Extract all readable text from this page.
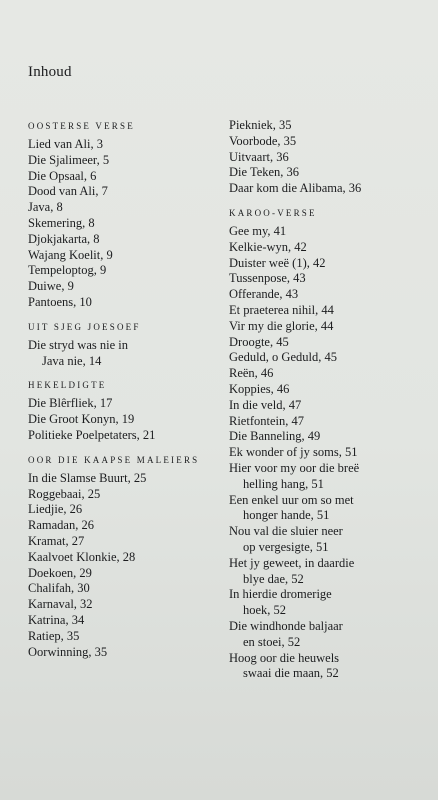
Inhoud
OOSTERSE VERSE
Lied van Ali, 3
Die Sjalimeer, 5
Die Opsaal, 6
Dood van Ali, 7
Java, 8
Skemering, 8
Djokjakarta, 8
Wajang Koelit, 9
Tempeloptog, 9
Duiwe, 9
Pantoens, 10
UIT SJEG JOESOEF
Die stryd was nie in
Java nie, 14
HEKELDIGTE
Die Blêrfliek, 17
Die Groot Konyn, 19
Politieke Poelpetaters, 21
OOR DIE KAAPSE MALEIERS
In die Slamse Buurt, 25
Roggebaai, 25
Liedjie, 26
Ramadan, 26
Kramat, 27
Kaalvoet Klonkie, 28
Doekoen, 29
Chalifah, 30
Karnaval, 32
Katrina, 34
Ratiep, 35
Oorwinning, 35
Piekniek, 35
Voorbode, 35
Uitvaart, 36
Die Teken, 36
Daar kom die Alibama, 36
KAROO-VERSE
Gee my, 41
Kelkie-wyn, 42
Duister weë (1), 42
Tussenpose, 43
Offerande, 43
Et praeterea nihil, 44
Vir my die glorie, 44
Droogte, 45
Geduld, o Geduld, 45
Reën, 46
Koppies, 46
In die veld, 47
Rietfontein, 47
Die Banneling, 49
Ek wonder of jy soms, 51
Hier voor my oor die breë
helling hang, 51
Een enkel uur om so met
honger hande, 51
Nou val die sluier neer
op vergesigte, 51
Het jy geweet, in daardie
blye dae, 52
In hierdie dromerige
hoek, 52
Die windhonde baljaar
en stoei, 52
Hoog oor die heuwels
swaai die maan, 52
